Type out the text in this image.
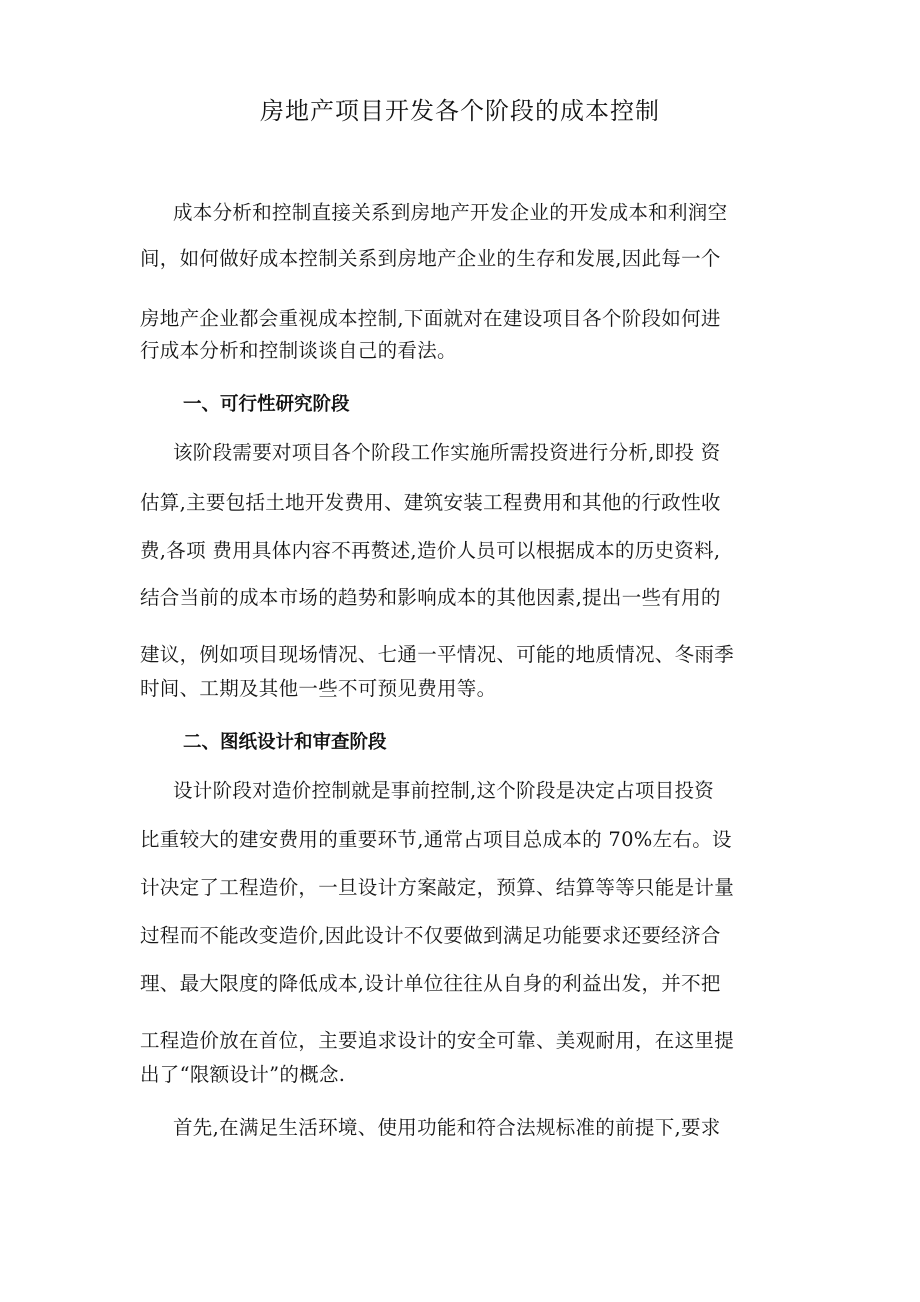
房地产项目开发各个阶段的成本控制
成本分析和控制直接关系到房地产开发企业的开发成本和利润空
间，如何做好成本控制关系到房地产企业的生存和发展,因此每一个
房地产企业都会重视成本控制,下面就对在建设项目各个阶段如何进
行成本分析和控制谈谈自己的看法。
一、可行性研究阶段
该阶段需要对项目各个阶段工作实施所需投资进行分析,即投 资
估算,主要包括土地开发费用、建筑安装工程费用和其他的行政性收
费,各项 费用具体内容不再赘述,造价人员可以根据成本的历史资料,
结合当前的成本市场的趋势和影响成本的其他因素,提出一些有用的
建议，例如项目现场情况、七通一平情况、可能的地质情况、冬雨季
时间、工期及其他一些不可预见费用等。
二、图纸设计和审查阶段
设计阶段对造价控制就是事前控制,这个阶段是决定占项目投资
比重较大的建安费用的重要环节,通常占项目总成本的 70%左右。设
计决定了工程造价，一旦设计方案敲定，预算、结算等等只能是计量
过程而不能改变造价,因此设计不仅要做到满足功能要求还要经济合
理、最大限度的降低成本,设计单位往往从自身的利益出发，并不把
工程造价放在首位，主要追求设计的安全可靠、美观耐用，在这里提
出了“限额设计”的概念.
首先,在满足生活环境、使用功能和符合法规标准的前提下,要求
